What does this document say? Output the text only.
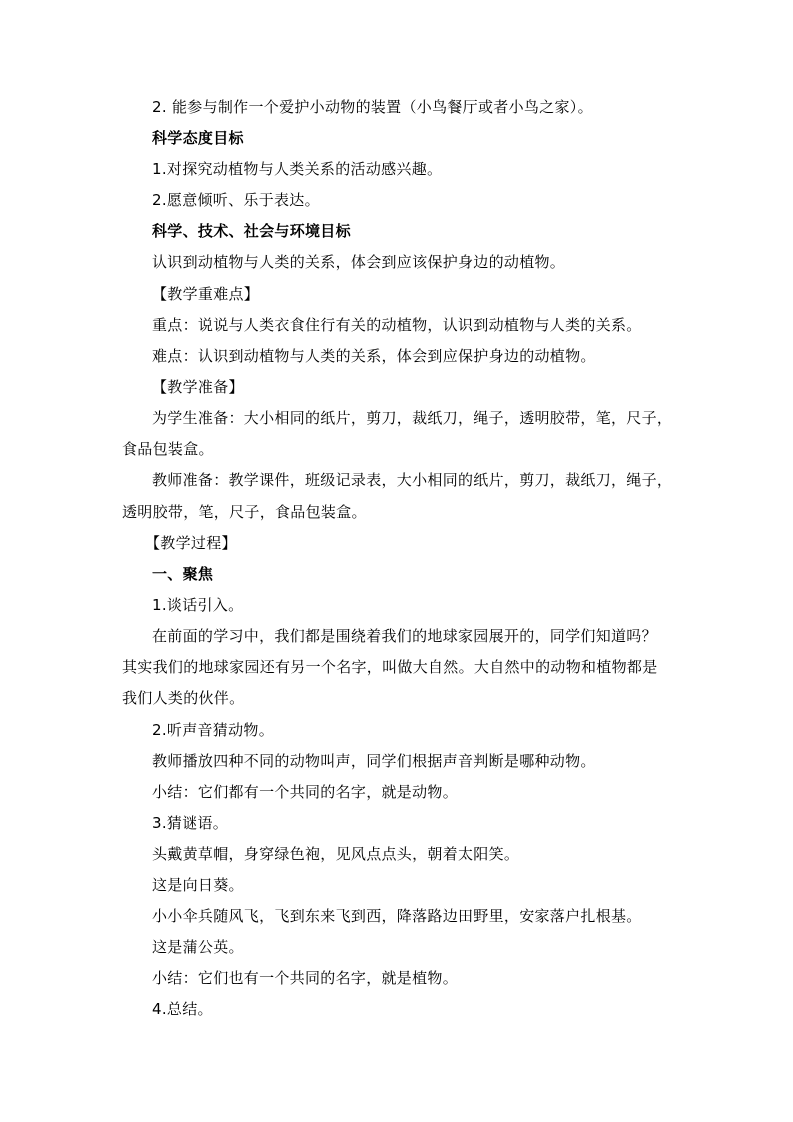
2. 能参与制作一个爱护小动物的装置（小鸟餐厅或者小鸟之家）。
科学态度目标
1.对探究动植物与人类关系的活动感兴趣。
2.愿意倾听、乐于表达。
科学、技术、社会与环境目标
认识到动植物与人类的关系，体会到应该保护身边的动植物。
【教学重难点】
重点：说说与人类衣食住行有关的动植物，认识到动植物与人类的关系。
难点：认识到动植物与人类的关系，体会到应保护身边的动植物。
【教学准备】
为学生准备：大小相同的纸片，剪刀，裁纸刀，绳子，透明胶带，笔，尺子，
食品包装盒。
教师准备：教学课件，班级记录表，大小相同的纸片，剪刀，裁纸刀，绳子，
透明胶带，笔，尺子，食品包装盒。
【教学过程】
一、聚焦
1.谈话引入。
在前面的学习中，我们都是围绕着我们的地球家园展开的，同学们知道吗？
其实我们的地球家园还有另一个名字，叫做大自然。大自然中的动物和植物都是
我们人类的伙伴。
2.听声音猜动物。
教师播放四种不同的动物叫声，同学们根据声音判断是哪种动物。
小结：它们都有一个共同的名字，就是动物。
3.猜谜语。
头戴黄草帽，身穿绿色袍，见风点点头，朝着太阳笑。
这是向日葵。
小小伞兵随风飞，飞到东来飞到西，降落路边田野里，安家落户扎根基。
这是蒲公英。
小结：它们也有一个共同的名字，就是植物。
4.总结。
